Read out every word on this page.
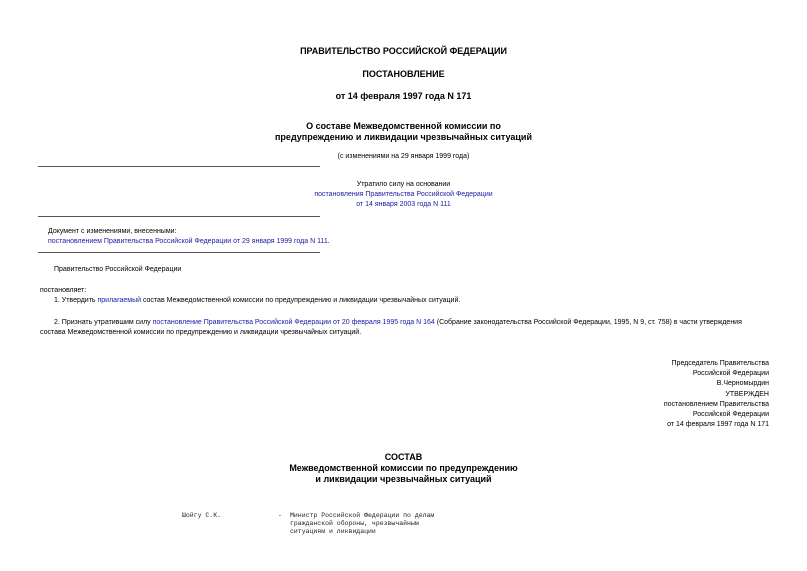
ПРАВИТЕЛЬСТВО РОССИЙСКОЙ ФЕДЕРАЦИИ
ПОСТАНОВЛЕНИЕ
от 14 февраля 1997 года N 171
О составе Межведомственной комиссии по
предупреждению и ликвидации чрезвычайных ситуаций
(с изменениями на 29 января 1999 года)
Утратило силу на основании
постановления Правительства Российской Федерации
от 14 января 2003 года N 111
Документ с изменениями, внесенными:
постановлением Правительства Российской Федерации от 29 января 1999 года N 111.
Правительство Российской Федерации
постановляет:
1. Утвердить прилагаемый состав Межведомственной комиссии по предупреждению и ликвидации чрезвычайных ситуаций.
2. Признать утратившим силу постановление Правительства Российской Федерации от 20 февраля 1995 года N 164 (Собрание законодательства Российской Федерации, 1995, N 9, ст. 758) в части утверждения
состава Межведомственной комиссии по предупреждению и ликвидации чрезвычайных ситуаций.
Председатель Правительства
Российской Федерации
В.Черномырдин
УТВЕРЖДЕН
постановлением Правительства
Российской Федерации
от 14 февраля 1997 года N 171
СОСТАВ
Межведомственной комиссии по предупреждению
и ликвидации чрезвычайных ситуаций
Шойгу С.К.	- Министр Российской Федерации по делам
гражданской обороны, чрезвычайным
ситуациям и ликвидации
